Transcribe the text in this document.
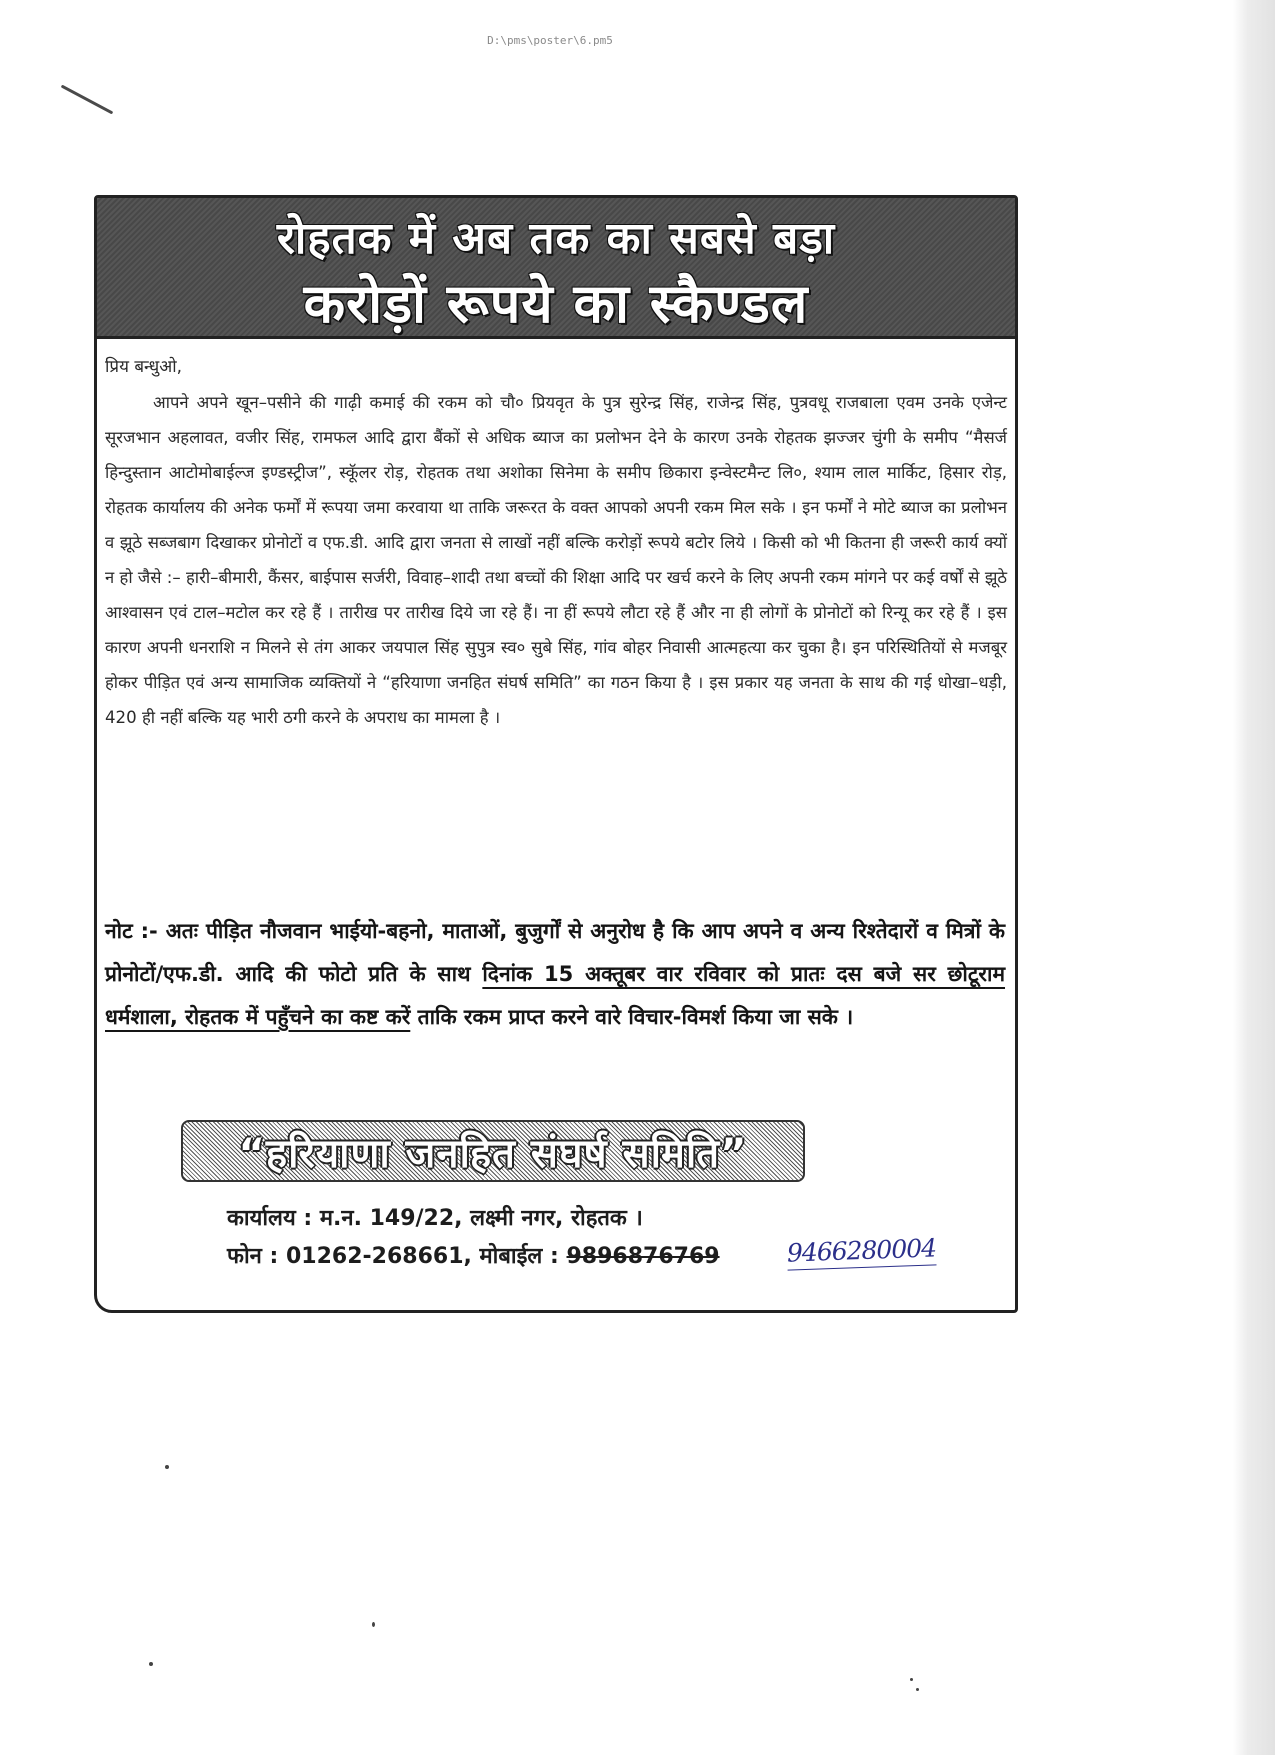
D:\pms\poster\6.pm5
रोहतक में अब तक का सबसे बड़ा
करोड़ों रूपये का स्कैण्डल

प्रिय बन्धुओ,

आपने अपने खून–पसीने की गाढ़ी कमाई की रकम को चौ० प्रियवृत के पुत्र सुरेन्द्र सिंह, राजेन्द्र सिंह, पुत्रवधू राजबाला एवम उनके एजेन्ट सूरजभान अहलावत, वजीर सिंह, रामफल आदि द्वारा बैंकों से अधिक ब्याज का प्रलोभन देने के कारण उनके रोहतक झज्जर चुंगी के समीप “मैसर्ज हिन्दुस्तान आटोमोबाईल्ज इण्डस्ट्रीज”, स्कूॅलर रोड़, रोहतक तथा अशोका सिनेमा के समीप छिकारा इन्वेस्टमैन्ट लि०, श्याम लाल मार्किट, हिसार रोड़, रोहतक कार्यालय की अनेक फर्मों में रूपया जमा करवाया था ताकि जरूरत के वक्त आपको अपनी रकम मिल सके । इन फर्मों ने मोटे ब्याज का प्रलोभन व झूठे सब्जबाग दिखाकर प्रोनोटों व एफ.डी. आदि द्वारा जनता से लाखों नहीं बल्कि करोड़ों रूपये बटोर लिये । किसी को भी कितना ही जरूरी कार्य क्यों न हो जैसे :– हारी–बीमारी, कैंसर, बाईपास सर्जरी, विवाह–शादी तथा बच्चों की शिक्षा आदि पर खर्च करने के लिए अपनी रकम मांगने पर कई वर्षों से झूठे आश्वासन एवं टाल–मटोल कर रहे हैं । तारीख पर तारीख दिये जा रहे हैं। ना हीं रूपये लौटा रहे हैं और ना ही लोगों के प्रोनोटों को रिन्यू कर रहे हैं । इस कारण अपनी धनराशि न मिलने से तंग आकर जयपाल सिंह सुपुत्र स्व० सुबे सिंह, गांव बोहर निवासी आत्महत्या कर चुका है। इन परिस्थितियों से मजबूर होकर पीड़ित एवं अन्य सामाजिक व्यक्तियों ने “हरियाणा जनहित संघर्ष समिति” का गठन किया है । इस प्रकार यह जनता के साथ की गई धोखा–धड़ी, 420 ही नहीं बल्कि यह भारी ठगी करने के अपराध का मामला है ।

नोट :- अतः पीड़ित नौजवान भाईयो-बहनो, माताओं, बुजुर्गों से अनुरोध है कि आप अपने व अन्य रिश्तेदारों व मित्रों के प्रोनोटों/एफ.डी. आदि की फोटो प्रति के साथ दिनांक 15 अक्तूबर वार रविवार को प्रातः दस बजे सर छोटूराम धर्मशाला, रोहतक में पहुँचने का कष्ट करें ताकि रकम प्राप्त करने वारे विचार-विमर्श किया जा सके ।

“हरियाणा जनहित संघर्ष समिति”
कार्यालय : म.न. 149/22, लक्ष्मी नगर, रोहतक ।
फोन : 01262-268661, मोबाईल : 9896876769	9466280004
